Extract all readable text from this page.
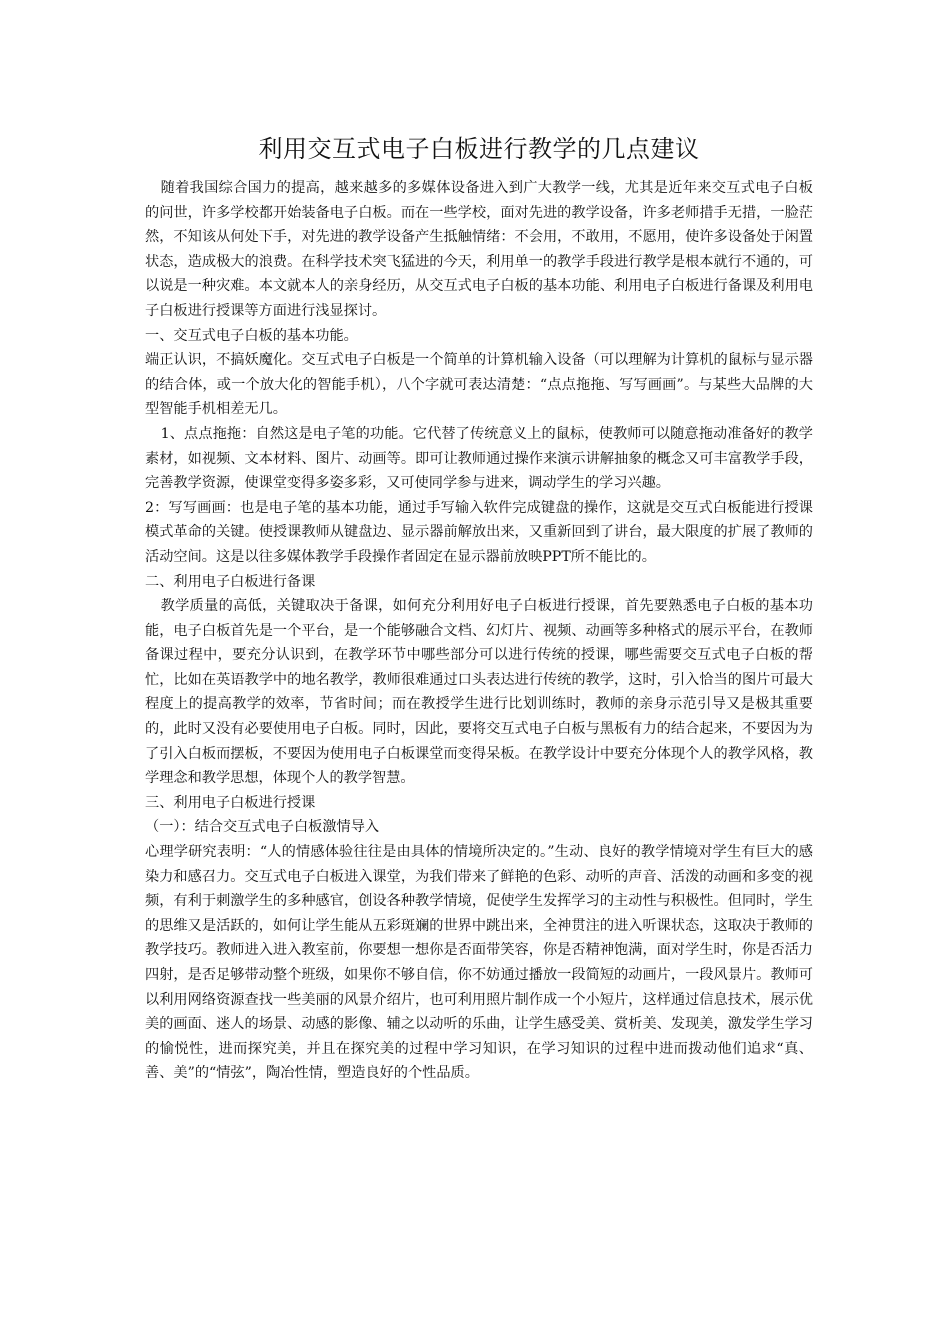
利用交互式电子白板进行教学的几点建议

随着我国综合国力的提高，越来越多的多媒体设备进入到广大教学一线，尤其是近年来交互式电子白板的问世，许多学校都开始装备电子白板。而在一些学校，面对先进的教学设备，许多老师措手无措，一脸茫然，不知该从何处下手，对先进的教学设备产生抵触情绪：不会用，不敢用，不愿用，使许多设备处于闲置状态，造成极大的浪费。在科学技术突飞猛进的今天，利用单一的教学手段进行教学是根本就行不通的，可以说是一种灾难。本文就本人的亲身经历，从交互式电子白板的基本功能、利用电子白板进行备课及利用电子白板进行授课等方面进行浅显探讨。

一、交互式电子白板的基本功能。

端正认识，不搞妖魔化。交互式电子白板是一个简单的计算机输入设备（可以理解为计算机的鼠标与显示器的结合体，或一个放大化的智能手机），八个字就可表达清楚：“点点拖拖、写写画画”。与某些大品牌的大型智能手机相差无几。

1、点点拖拖：自然这是电子笔的功能。它代替了传统意义上的鼠标，使教师可以随意拖动准备好的教学素材，如视频、文本材料、图片、动画等。即可让教师通过操作来演示讲解抽象的概念又可丰富教学手段，完善教学资源，使课堂变得多姿多彩，又可使同学参与进来，调动学生的学习兴趣。

2：写写画画：也是电子笔的基本功能，通过手写输入软件完成键盘的操作，这就是交互式白板能进行授课模式革命的关键。使授课教师从键盘边、显示器前解放出来，又重新回到了讲台，最大限度的扩展了教师的活动空间。这是以往多媒体教学手段操作者固定在显示器前放映PPT所不能比的。

二、利用电子白板进行备课

教学质量的高低，关键取决于备课，如何充分利用好电子白板进行授课，首先要熟悉电子白板的基本功能，电子白板首先是一个平台，是一个能够融合文档、幻灯片、视频、动画等多种格式的展示平台，在教师备课过程中，要充分认识到，在教学环节中哪些部分可以进行传统的授课，哪些需要交互式电子白板的帮忙，比如在英语教学中的地名教学，教师很难通过口头表达进行传统的教学，这时，引入恰当的图片可最大程度上的提高教学的效率，节省时间；而在教授学生进行比划训练时，教师的亲身示范引导又是极其重要的，此时又没有必要使用电子白板。同时，因此，要将交互式电子白板与黑板有力的结合起来，不要因为为了引入白板而摆板，不要因为使用电子白板课堂而变得呆板。在教学设计中要充分体现个人的教学风格，教学理念和教学思想，体现个人的教学智慧。

三、利用电子白板进行授课

（一）：结合交互式电子白板激情导入

心理学研究表明：“人的情感体验往往是由具体的情境所决定的。”生动、良好的教学情境对学生有巨大的感染力和感召力。交互式电子白板进入课堂，为我们带来了鲜艳的色彩、动听的声音、活泼的动画和多变的视频，有利于刺激学生的多种感官，创设各种教学情境，促使学生发挥学习的主动性与积极性。但同时，学生的思维又是活跃的，如何让学生能从五彩斑斓的世界中跳出来，全神贯注的进入听课状态，这取决于教师的教学技巧。教师进入进入教室前，你要想一想你是否面带笑容，你是否精神饱满，面对学生时，你是否活力四射，是否足够带动整个班级，如果你不够自信，你不妨通过播放一段简短的动画片，一段风景片。教师可以利用网络资源查找一些美丽的风景介绍片，也可利用照片制作成一个小短片，这样通过信息技术，展示优美的画面、迷人的场景、动感的影像、辅之以动听的乐曲，让学生感受美、赏析美、发现美，激发学生学习的愉悦性，进而探究美，并且在探究美的过程中学习知识，在学习知识的过程中进而拨动他们追求“真、善、美”的“情弦”，陶冶性情，塑造良好的个性品质。
